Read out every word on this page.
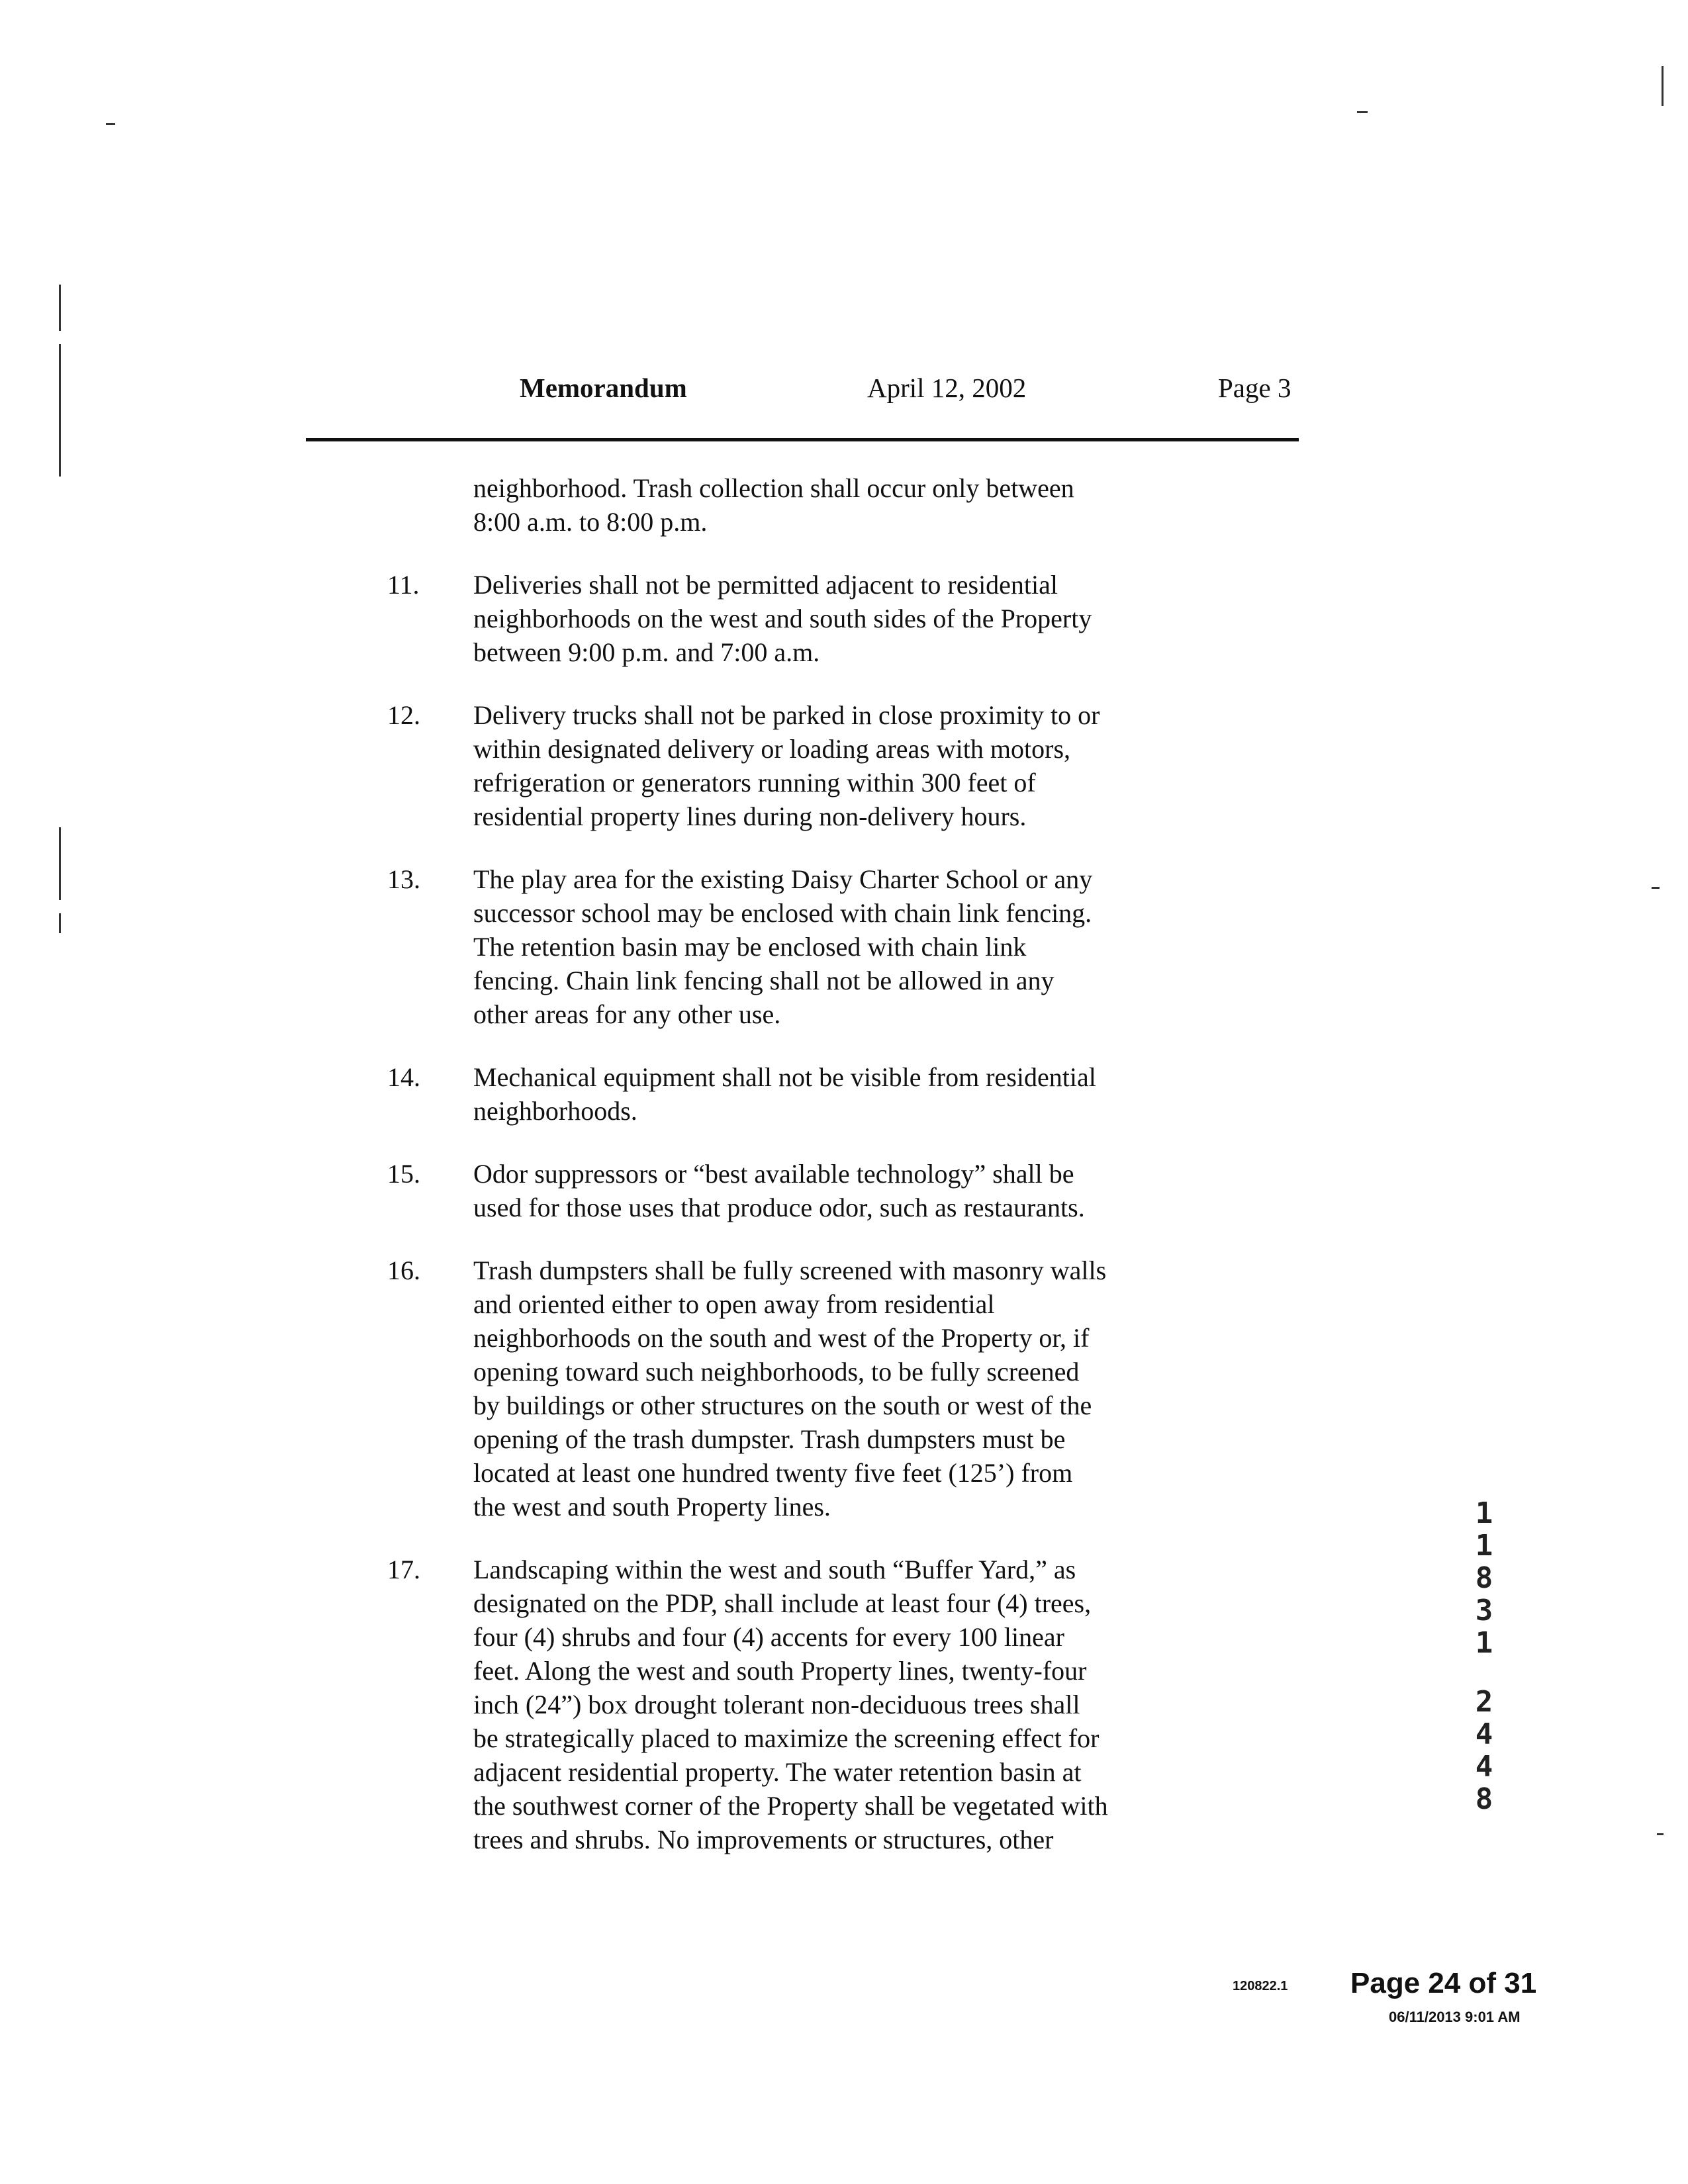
Memorandum	April 12, 2002	Page 3
neighborhood. Trash collection shall occur only between
8:00 a.m. to 8:00 p.m.
11.	Deliveries shall not be permitted adjacent to residential
neighborhoods on the west and south sides of the Property
between 9:00 p.m. and 7:00 a.m.
12.	Delivery trucks shall not be parked in close proximity to or
within designated delivery or loading areas with motors,
refrigeration or generators running within 300 feet of
residential property lines during non-delivery hours.
13.	The play area for the existing Daisy Charter School or any
successor school may be enclosed with chain link fencing.
The retention basin may be enclosed with chain link
fencing. Chain link fencing shall not be allowed in any
other areas for any other use.
14.	Mechanical equipment shall not be visible from residential
neighborhoods.
15.	Odor suppressors or “best available technology” shall be
used for those uses that produce odor, such as restaurants.
16.	Trash dumpsters shall be fully screened with masonry walls
and oriented either to open away from residential
neighborhoods on the south and west of the Property or, if
opening toward such neighborhoods, to be fully screened
by buildings or other structures on the south or west of the
opening of the trash dumpster. Trash dumpsters must be
located at least one hundred twenty five feet (125’) from
the west and south Property lines.
17.	Landscaping within the west and south “Buffer Yard,” as
designated on the PDP, shall include at least four (4) trees,
four (4) shrubs and four (4) accents for every 100 linear
feet. Along the west and south Property lines, twenty-four
inch (24”) box drought tolerant non-deciduous trees shall
be strategically placed to maximize the screening effect for
adjacent residential property. The water retention basin at
the southwest corner of the Property shall be vegetated with
trees and shrubs. No improvements or structures, other
1
1
8
3
1
2
4
4
8
120822.1 Page 24 of 31
06/11/2013 9:01 AM
